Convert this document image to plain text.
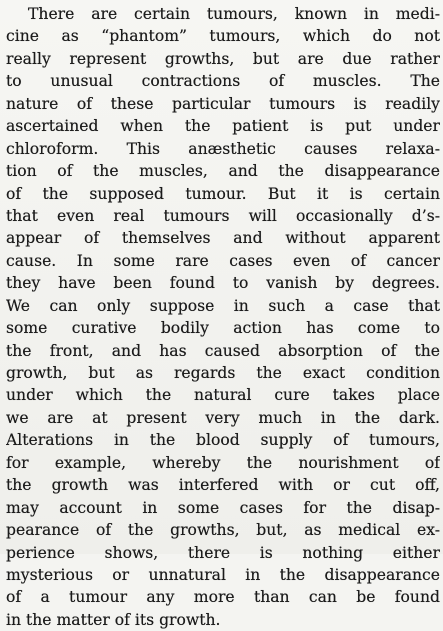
There are certain tumours, known in medi-
cine as “phantom” tumours, which do not
really represent growths, but are due rather
to unusual contractions of muscles. The
nature of these particular tumours is readily
ascertained when the patient is put under
chloroform. This anæsthetic causes relaxa-
tion of the muscles, and the disappearance
of the supposed tumour. But it is certain
that even real tumours will occasionally d’s-
appear of themselves and without apparent
cause. In some rare cases even of cancer
they have been found to vanish by degrees.
We can only suppose in such a case that
some curative bodily action has come to
the front, and has caused absorption of the
growth, but as regards the exact condition
under which the natural cure takes place
we are at present very much in the dark.
Alterations in the blood supply of tumours,
for example, whereby the nourishment of
the growth was interfered with or cut off,
may account in some cases for the disap-
pearance of the growths, but, as medical ex-
perience shows, there is nothing either
mysterious or unnatural in the disappearance
of a tumour any more than can be found
in the matter of its growth.
